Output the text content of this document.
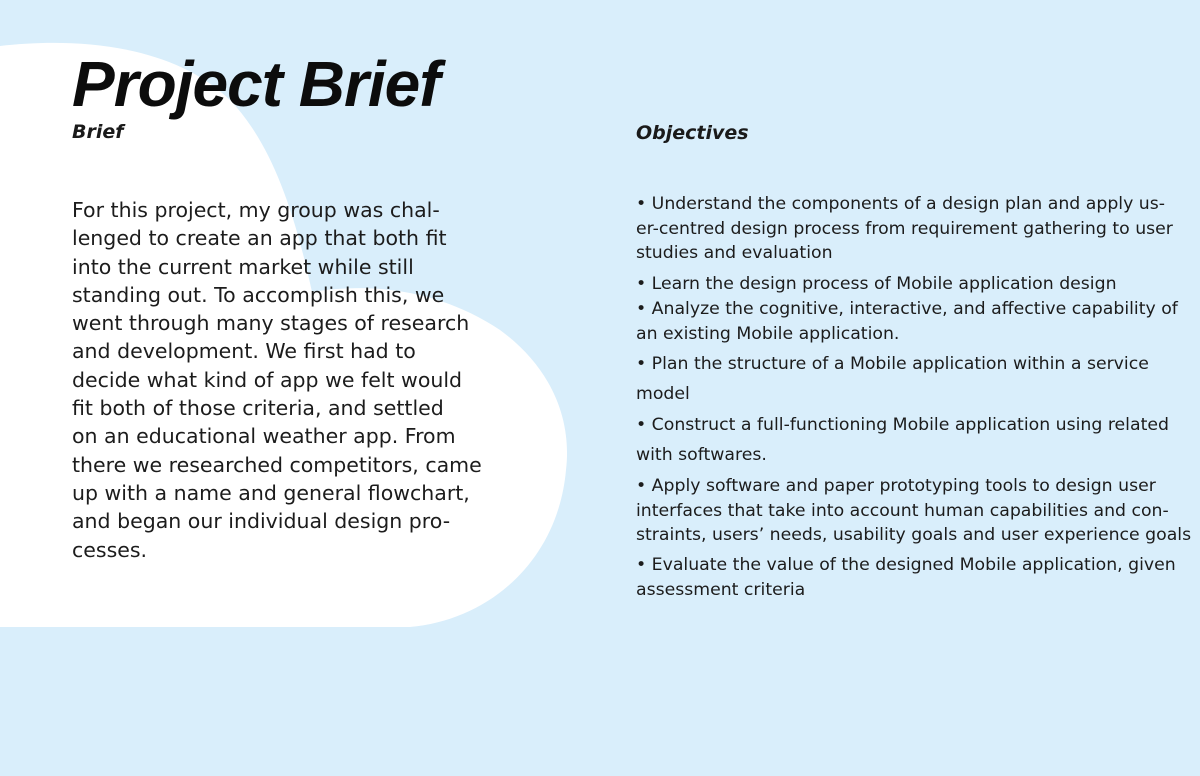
Project Brief
Brief
For this project, my group was chal-
lenged to create an app that both fit
into the current market while still
standing out. To accomplish this, we
went through many stages of research
and development. We first had to
decide what kind of app we felt would
fit both of those criteria, and settled
on an educational weather app. From
there we researched competitors, came
up with a name and general flowchart,
and began our individual design pro-
cesses.
Objectives
• Understand the components of a design plan and apply us-
er-centred design process from requirement gathering to user
studies and evaluation
• Learn the design process of Mobile application design
• Analyze the cognitive, interactive, and affective capability of
an existing Mobile application.
• Plan the structure of a Mobile application within a service
model
• Construct a full-functioning Mobile application using related
with softwares.
• Apply software and paper prototyping tools to design user
interfaces that take into account human capabilities and con-
straints, users’ needs, usability goals and user experience goals
• Evaluate the value of the designed Mobile application, given
assessment criteria
